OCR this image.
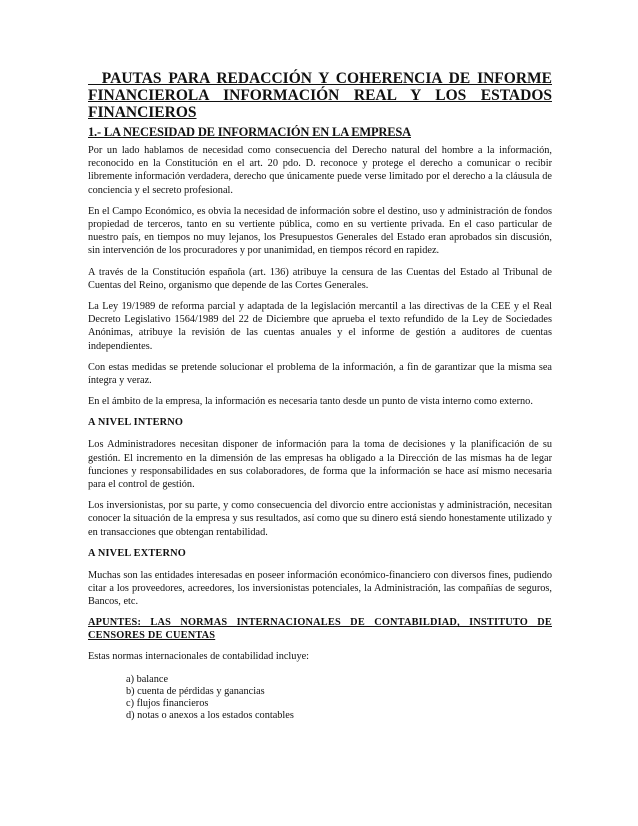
PAUTAS PARA REDACCIÓN Y COHERENCIA DE INFORME

FINANCIEROLA INFORMACIÓN REAL Y LOS ESTADOS

FINANCIEROS

1.- LA NECESIDAD DE INFORMACIÓN EN LA EMPRESA

Por un lado hablamos de necesidad como consecuencia del Derecho natural del hombre a la información, reconocido en la Constitución en el art. 20 pdo. D. reconoce y protege el derecho a comunicar o recibir libremente información verdadera, derecho que únicamente puede verse limitado por el derecho a la cláusula de conciencia y el secreto profesional.

En el Campo Económico, es obvia la necesidad de información sobre el destino, uso y administración de fondos propiedad de terceros, tanto en su vertiente pública, como en su vertiente privada. En el caso particular de nuestro país, en tiempos no muy lejanos, los Presupuestos Generales del Estado eran aprobados sin discusión, sin intervención de los procuradores y por unanimidad, en tiempos récord en rapidez.

A través de la Constitución española (art. 136) atribuye la censura de las Cuentas del Estado al Tribunal de Cuentas del Reino, organismo que depende de las Cortes Generales.

La Ley 19/1989 de reforma parcial y adaptada de la legislación mercantil a las directivas de la CEE y el Real Decreto Legislativo 1564/1989 del 22 de Diciembre que aprueba el texto refundido de la Ley de Sociedades Anónimas, atribuye la revisión de las cuentas anuales y el informe de gestión a auditores de cuentas independientes.

Con estas medidas se pretende solucionar el problema de la información, a fin de garantizar que la misma sea íntegra y veraz.

En el ámbito de la empresa, la información es necesaria tanto desde un punto de vista interno como externo.

A NIVEL INTERNO

Los Administradores necesitan disponer de información para la toma de decisiones y la planificación de su gestión. El incremento en la dimensión de las empresas ha obligado a la Dirección de las mismas ha de legar funciones y responsabilidades en sus colaboradores, de forma que la información se hace así mismo necesaria para el control de gestión.

Los inversionistas, por su parte, y como consecuencia del divorcio entre accionistas y administración, necesitan conocer la situación de la empresa y sus resultados, así como que su dinero está siendo honestamente utilizado y en transacciones que obtengan rentabilidad.

A NIVEL EXTERNO

Muchas son las entidades interesadas en poseer información económico-financiero con diversos fines, pudiendo citar a los proveedores, acreedores, los inversionistas potenciales, la Administración, las compañías de seguros, Bancos, etc.

APUNTES: LAS NORMAS INTERNACIONALES DE CONTABILDIAD, INSTITUTO DE

CENSORES DE CUENTAS

Estas normas internacionales de contabilidad incluye:

a) balance
b) cuenta de pérdidas y ganancias
c) flujos financieros
d) notas o anexos a los estados contables
